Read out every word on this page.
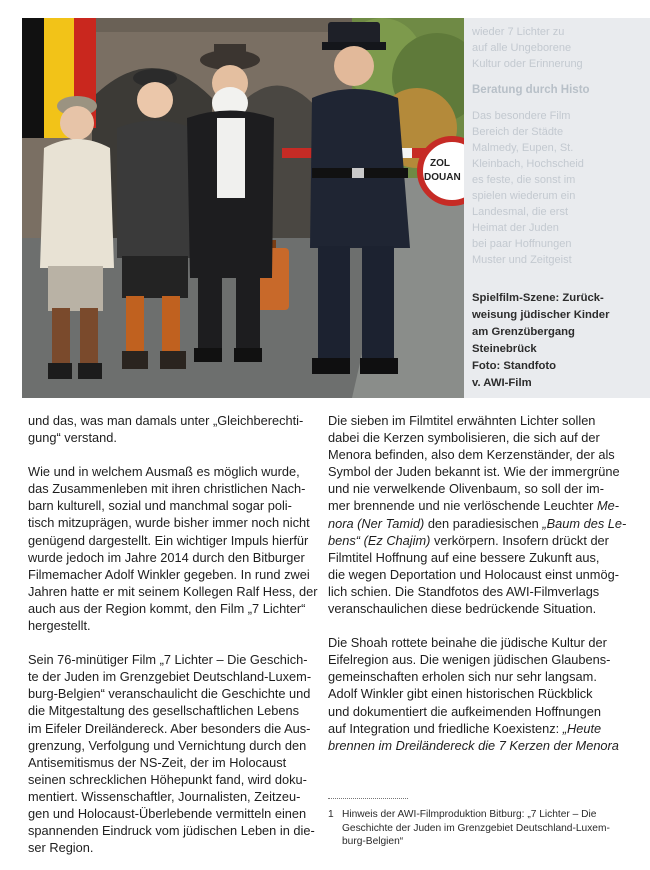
ZOL
DOUAN
wieder 7 Lichter zu
auf alle Ungeborene
Kultur oder Erinnerung
Beratung durch Histo
Das besondere Film
Bereich der Städte
Malmedy, Eupen, St.
Kleinbach, Hochscheid
es feste, die sonst im
spielen wiederum ein
Landesmal, die erst
Heimat der Juden
bei paar Hoffnungen
Muster und Zeitgeist
Spielfilm-Szene: Zurück-
weisung jüdischer Kinder
am Grenzübergang
Steinebrück
Foto: Standfoto
v. AWI-Film

und das, was man damals unter „Gleichberechti-
gung“ verstand.

Wie und in welchem Ausmaß es möglich wurde,
das Zusammenleben mit ihren christlichen Nach-
barn kulturell, sozial und manchmal sogar poli-
tisch mitzuprägen, wurde bisher immer noch nicht
genügend dargestellt. Ein wichtiger Impuls hierfür
wurde jedoch im Jahre 2014 durch den Bitburger
Filmemacher Adolf Winkler gegeben. In rund zwei
Jahren hatte er mit seinem Kollegen Ralf Hess, der
auch aus der Region kommt, den Film „7 Lichter“
hergestellt.

Sein 76-minütiger Film „7 Lichter – Die Geschich-
te der Juden im Grenzgebiet Deutschland-Luxem-
burg-Belgien“ veranschaulicht die Geschichte und
die Mitgestaltung des gesellschaftlichen Lebens
im Eifeler Dreiländereck. Aber besonders die Aus-
grenzung, Verfolgung und Vernichtung durch den
Antisemitismus der NS-Zeit, der im Holocaust
seinen schrecklichen Höhepunkt fand, wird doku-
mentiert. Wissenschaftler, Journalisten, Zeitzeu-
gen und Holocaust-Überlebende vermitteln einen
spannenden Eindruck vom jüdischen Leben in die-
ser Region.

Die sieben im Filmtitel erwähnten Lichter sollen
dabei die Kerzen symbolisieren, die sich auf der
Menora befinden, also dem Kerzenständer, der als
Symbol der Juden bekannt ist. Wie der immergrüne
und nie verwelkende Olivenbaum, so soll der im-
mer brennende und nie verlöschende Leuchter Me-
nora (Ner Tamid) den paradiesischen „Baum des Le-
bens“ (Ez Chajim) verkörpern. Insofern drückt der
Filmtitel Hoffnung auf eine bessere Zukunft aus,
die wegen Deportation und Holocaust einst unmög-
lich schien. Die Standfotos des AWI-Filmverlags
veranschaulichen diese bedrückende Situation.

Die Shoah rottete beinahe die jüdische Kultur der
Eifelregion aus. Die wenigen jüdischen Glaubens-
gemeinschaften erholen sich nur sehr langsam.
Adolf Winkler gibt einen historischen Rückblick
und dokumentiert die aufkeimenden Hoffnungen
auf Integration und friedliche Koexistenz: „Heute
brennen im Dreiländereck die 7 Kerzen der Menora

1 Hinweis der AWI-Filmproduktion Bitburg: „7 Lichter – Die
Geschichte der Juden im Grenzgebiet Deutschland-Luxem-
burg-Belgien“
